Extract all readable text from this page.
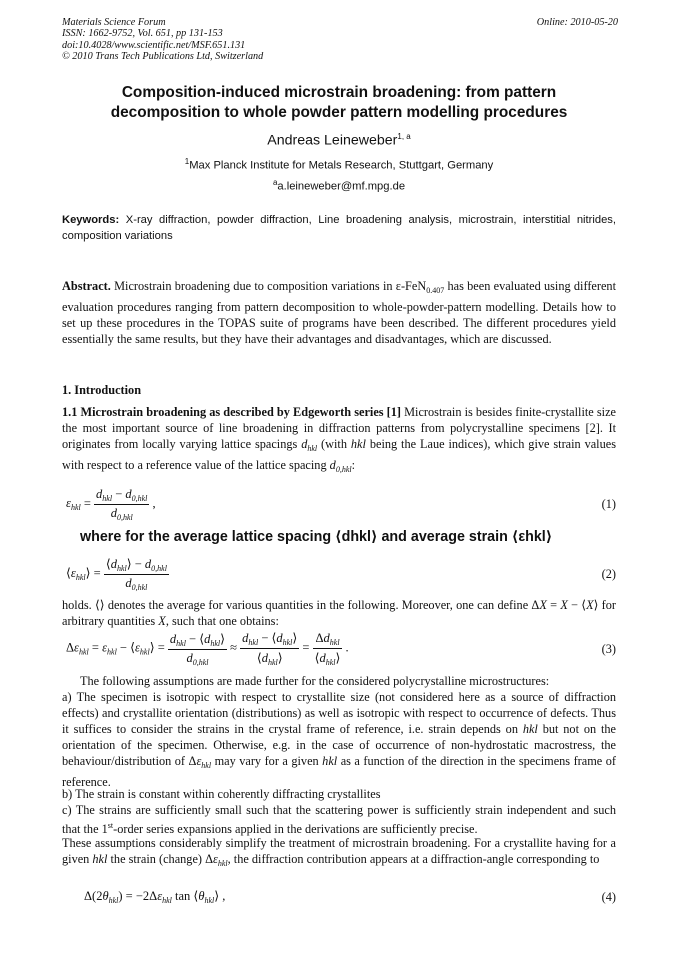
Materials Science Forum
ISSN: 1662-9752, Vol. 651, pp 131-153
doi:10.4028/www.scientific.net/MSF.651.131
© 2010 Trans Tech Publications Ltd, Switzerland
Online: 2010-05-20
Composition-induced microstrain broadening: from pattern
decomposition to whole powder pattern modelling procedures
Andreas Leineweber$^{1, a}$
$^1$Max Planck Institute for Metals Research, Stuttgart, Germany
$^a$a.leineweber@mf.mpg.de
Keywords: X-ray diffraction, powder diffraction, Line broadening analysis, microstrain, interstitial nitrides, composition variations
Abstract. Microstrain broadening due to composition variations in ε-FeN$_{0.407}$ has been evaluated using different evaluation procedures ranging from pattern decomposition to whole-powder-pattern modelling. Details how to set up these procedures in the TOPAS suite of programs have been described. The different procedures yield essentially the same results, but they have their advantages and disadvantages, which are discussed.
1. Introduction
1.1 Microstrain broadening as described by Edgeworth series [1] Microstrain is besides finite-crystallite size the most important source of line broadening in diffraction patterns from polycrystalline specimens [2]. It originates from locally varying lattice spacings $d_{hkl}$ (with hkl being the Laue indices), which give strain values with respect to a reference value of the lattice spacing $d_{0,hkl}$:
$\varepsilon_{hkl} = \frac{d_{hkl} - d_{0,hkl}}{d_{0,hkl}}$ ,	(1)
where for the average lattice spacing ⟨dhkl⟩ and average strain ⟨εhkl⟩
$⟨\varepsilon_{hkl}⟩ = \frac{⟨d_{hkl}⟩ - d_{0,hkl}}{d_{0,hkl}}$	(2)
holds. ⟨⟩ denotes the average for various quantities in the following. Moreover, one can define ΔX = X − ⟨X⟩ for arbitrary quantities X, such that one obtains:
$\Delta\varepsilon_{hkl} = \varepsilon_{hkl}$ − $⟨\varepsilon_{hkl}⟩ = \frac{d_{hkl} - ⟨d_{hkl}⟩}{d_{0,hkl}} \approx \frac{d_{hkl} - ⟨d_{hkl}⟩}{⟨d_{hkl}⟩} = \frac{\Delta d_{hkl}}{⟨d_{hkl}⟩}$ .	(3)
The following assumptions are made further for the considered polycrystalline microstructures:
a) The specimen is isotropic with respect to crystallite size (not considered here as a source of diffraction effects) and crystallite orientation (distributions) as well as isotropic with respect to occurrence of defects. Thus it suffices to consider the strains in the crystal frame of reference, i.e. strain depends on hkl but not on the orientation of the specimen. Otherwise, e.g. in the case of occurrence of non-hydrostatic macrostress, the behaviour/distribution of $\Delta\varepsilon_{hkl}$ may vary for a given hkl as a function of the direction in the specimens frame of reference.
b) The strain is constant within coherently diffracting crystallites
c) The strains are sufficiently small such that the scattering power is sufficiently strain independent and such that the 1st-order series expansions applied in the derivations are sufficiently precise.
These assumptions considerably simplify the treatment of microstrain broadening. For a crystallite having for a given hkl the strain (change) $\Delta\varepsilon_{hkl}$, the diffraction contribution appears at a diffraction-angle corresponding to
$\Delta(2\theta_{hkl}) = -2\Delta\varepsilon_{hkl}$ $\tan ⟨\theta_{hkl}⟩$ ,	(4)
